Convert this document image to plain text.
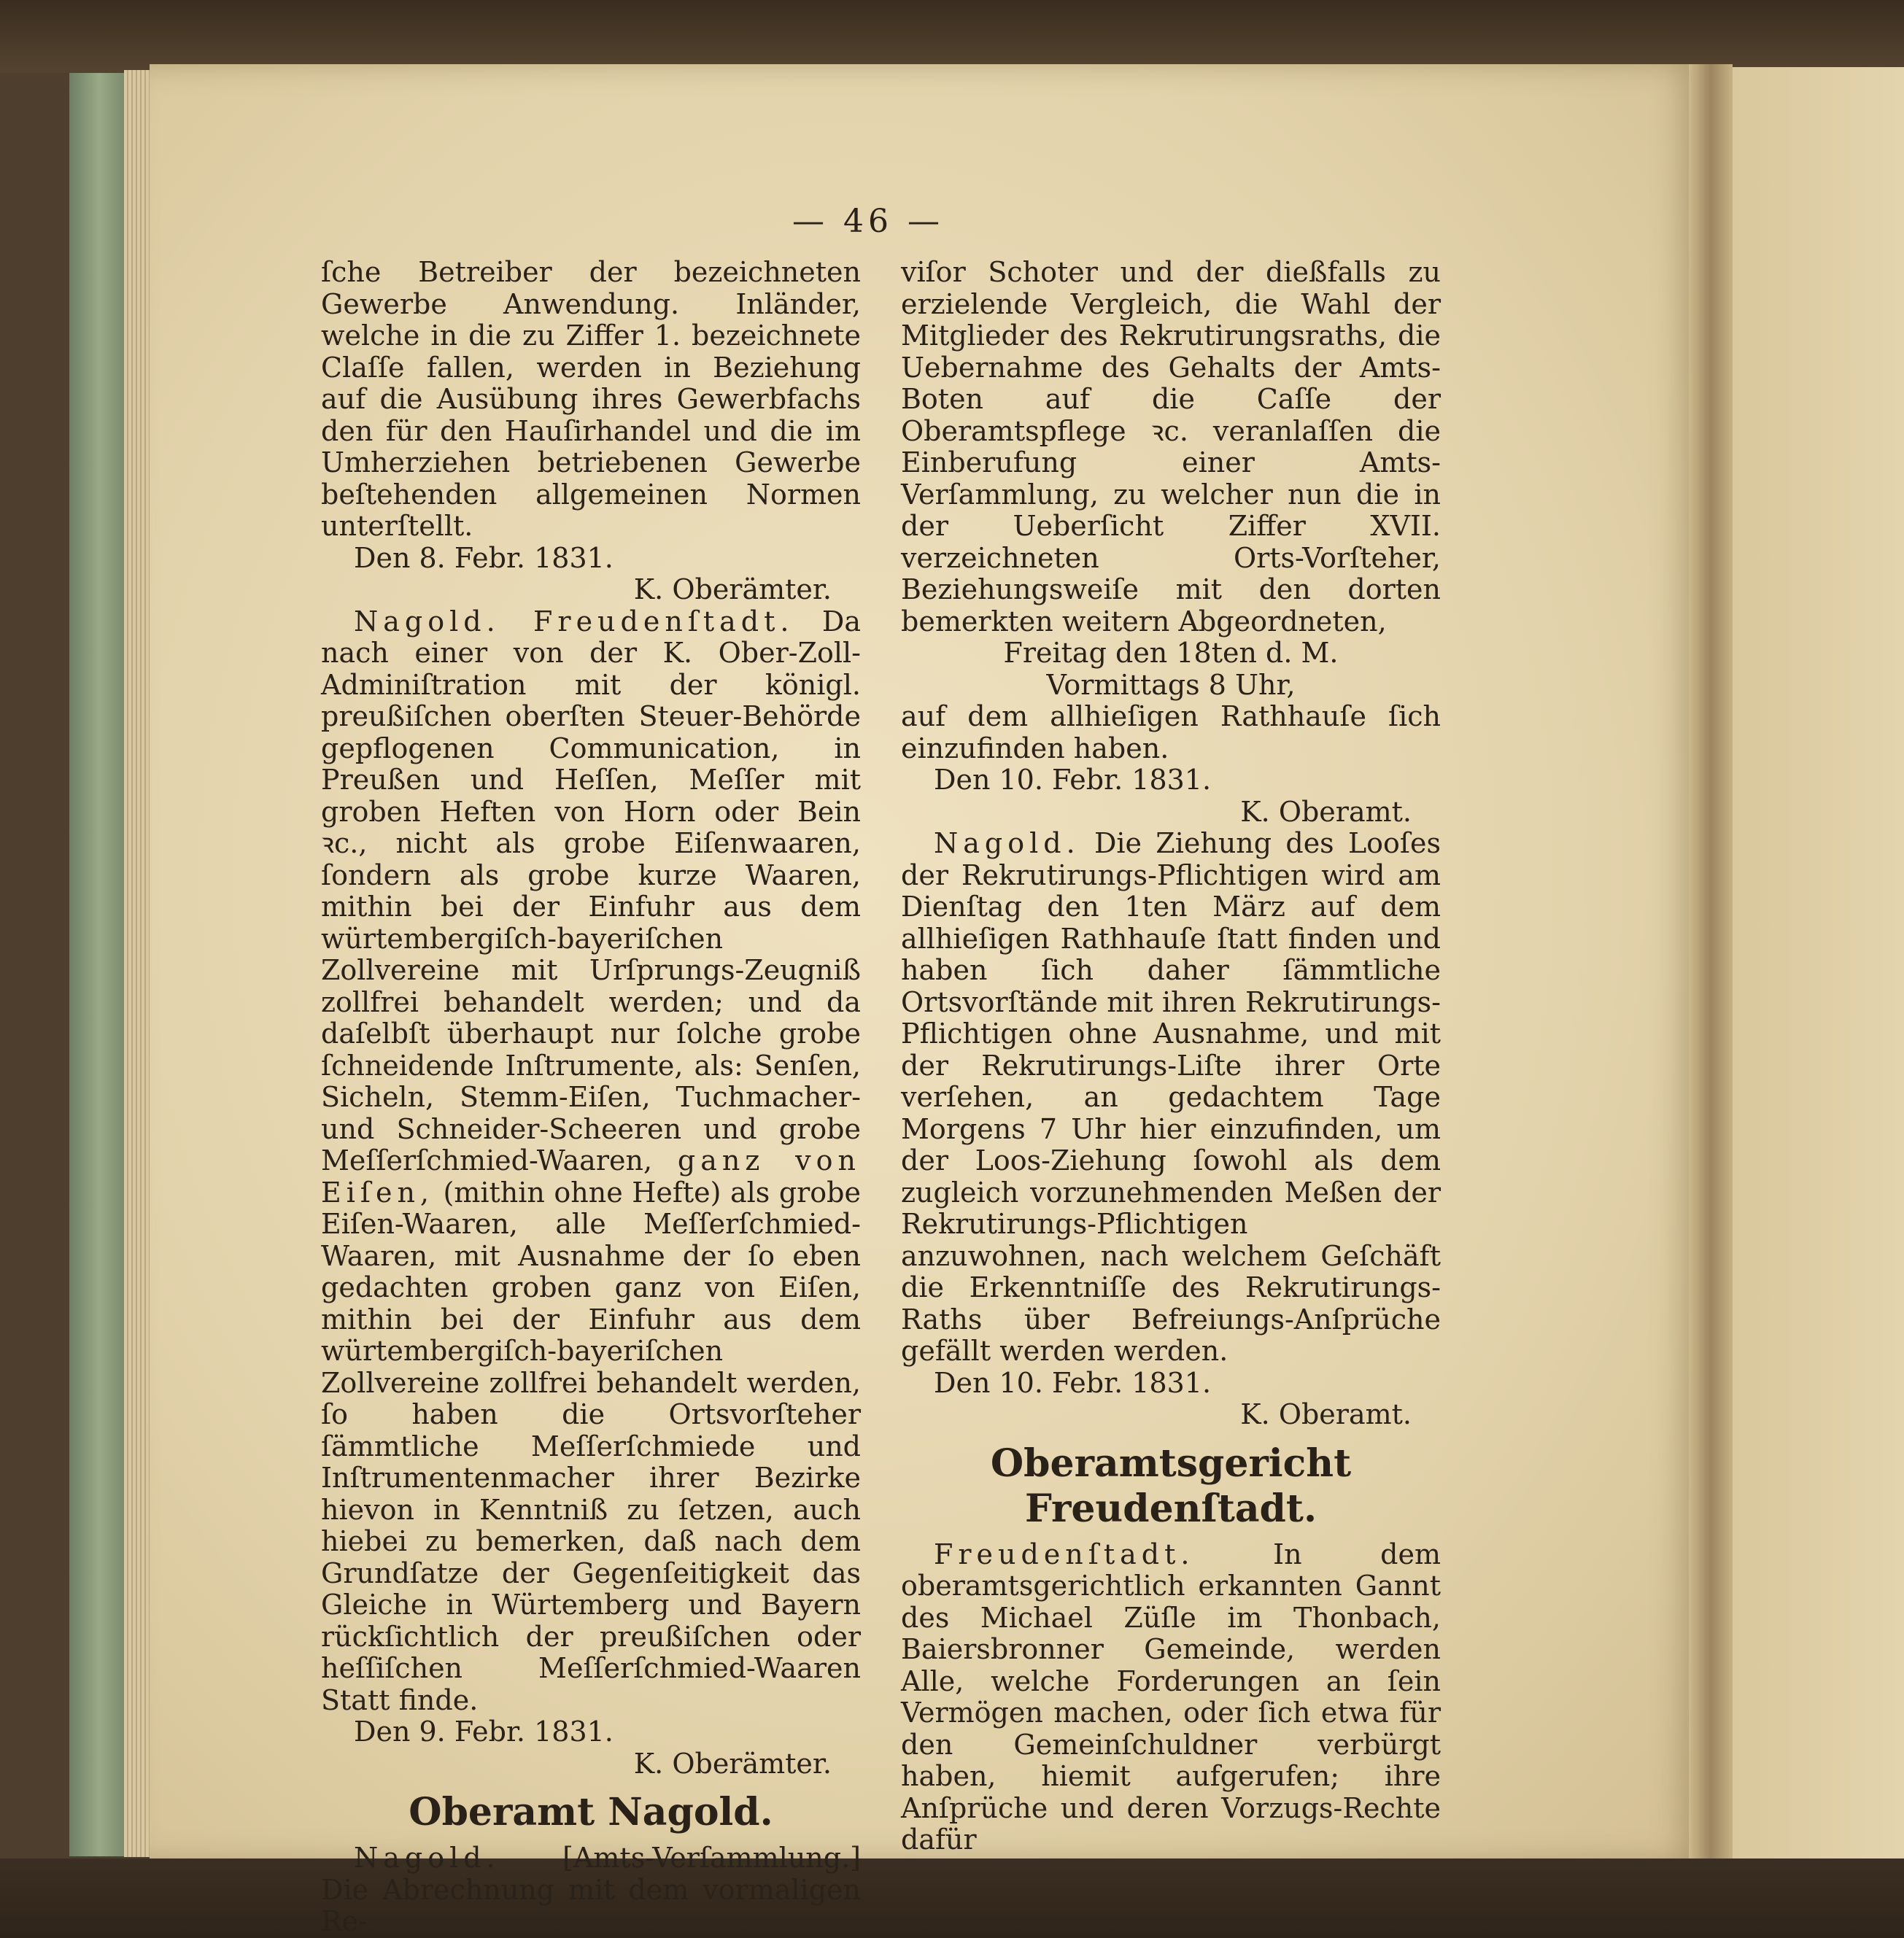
— 46 —

ſche Betreiber der bezeichneten Gewerbe Anwendung. Inländer, welche in die zu Ziffer 1. bezeichnete Claſſe fallen, werden in Beziehung auf die Ausübung ihres Gewerbfachs den für den Hauſirhandel und die im Umherziehen betriebenen Gewerbe beſtehenden allgemeinen Normen unterſtellt.

Den 8. Febr. 1831.

K. Oberämter.

Nagold. Freudenſtadt. Da nach einer von der K. Ober-Zoll-Adminiſtration mit der königl. preußiſchen oberſten Steuer-Behörde gepflogenen Communication, in Preußen und Heſſen, Meſſer mit groben Heften von Horn oder Bein ꝛc., nicht als grobe Eiſenwaaren, ſondern als grobe kurze Waaren, mithin bei der Einfuhr aus dem würtembergiſch-bayeriſchen Zollvereine mit Urſprungs-Zeugniß zollfrei behandelt werden; und da daſelbſt überhaupt nur ſolche grobe ſchneidende Inſtrumente, als: Senſen, Sicheln, Stemm-Eiſen, Tuchmacher- und Schneider-Scheeren und grobe Meſſerſchmied-Waaren, ganz von Eiſen, (mithin ohne Hefte) als grobe Eiſen-Waaren, alle Meſſerſchmied-Waaren, mit Ausnahme der ſo eben gedachten groben ganz von Eiſen, mithin bei der Einfuhr aus dem würtembergiſch-bayeriſchen Zollvereine zollfrei behandelt werden, ſo haben die Ortsvorſteher ſämmtliche Meſſerſchmiede und Inſtrumentenmacher ihrer Bezirke hievon in Kenntniß zu ſetzen, auch hiebei zu bemerken, daß nach dem Grundſatze der Gegenſeitigkeit das Gleiche in Würtemberg und Bayern rückſichtlich der preußiſchen oder heſſiſchen Meſſerſchmied-Waaren Statt finde.

Den 9. Febr. 1831.

K. Oberämter.

Oberamt Nagold.

Nagold. [Amts-Verſammlung.] Die Abrechnung mit dem vormaligen Re-

viſor Schoter und der dießfalls zu erzielende Vergleich, die Wahl der Mitglieder des Rekrutirungsraths, die Uebernahme des Gehalts der Amts-Boten auf die Caſſe der Oberamtspflege ꝛc. veranlaſſen die Einberufung einer Amts-Verſammlung, zu welcher nun die in der Ueberſicht Ziffer XVII. verzeichneten Orts-Vorſteher, Beziehungsweiſe mit den dorten bemerkten weitern Abgeordneten,

Freitag den 18ten d. M.

Vormittags 8 Uhr,

auf dem allhieſigen Rathhauſe ſich einzufinden haben.

Den 10. Febr. 1831.

K. Oberamt.

Nagold. Die Ziehung des Looſes der Rekrutirungs-Pflichtigen wird am Dienſtag den 1ten März auf dem allhieſigen Rathhauſe ſtatt finden und haben ſich daher ſämmtliche Ortsvorſtände mit ihren Rekrutirungs-Pflichtigen ohne Ausnahme, und mit der Rekrutirungs-Liſte ihrer Orte verſehen, an gedachtem Tage Morgens 7 Uhr hier einzufinden, um der Loos-Ziehung ſowohl als dem zugleich vorzunehmenden Meßen der Rekrutirungs-Pflichtigen anzuwohnen, nach welchem Geſchäft die Erkenntniſſe des Rekrutirungs-Raths über Befreiungs-Anſprüche gefällt werden werden.

Den 10. Febr. 1831.

K. Oberamt.

Oberamtsgericht Freudenſtadt.

Freudenſtadt.	In dem oberamtsgerichtlich erkannten Gannt des Michael Züſle im Thonbach, Baiersbronner Gemeinde, werden Alle, welche Forderungen an ſein Vermögen machen, oder ſich etwa für den Gemeinſchuldner verbürgt haben, hiemit aufgerufen; ihre Anſprüche und deren Vorzugs-Rechte dafür
